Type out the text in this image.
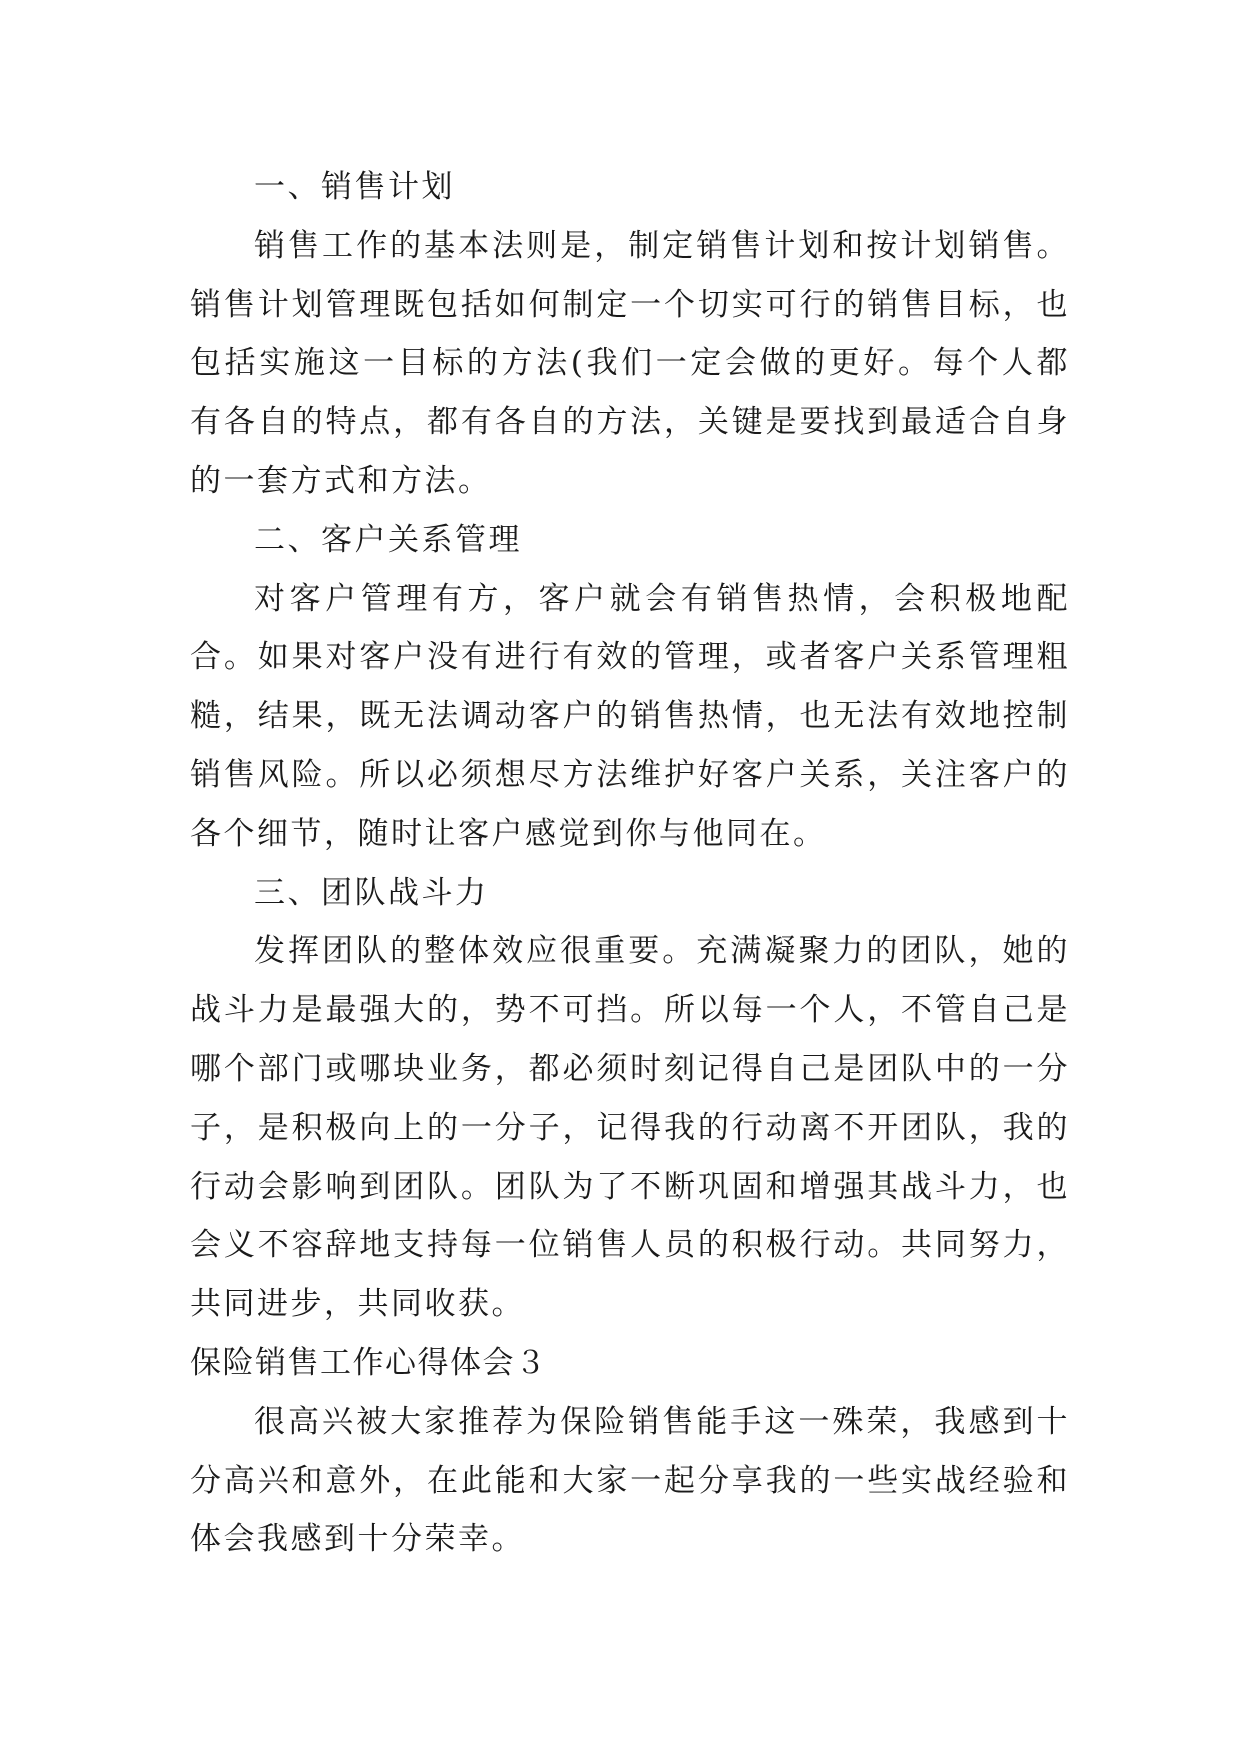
一、销售计划

销售工作的基本法则是，制定销售计划和按计划销售。销售计划管理既包括如何制定一个切实可行的销售目标，也包括实施这一目标的方法(我们一定会做的更好。每个人都有各自的特点，都有各自的方法，关键是要找到最适合自身的一套方式和方法。

二、客户关系管理

对客户管理有方，客户就会有销售热情，会积极地配合。如果对客户没有进行有效的管理，或者客户关系管理粗糙，结果，既无法调动客户的销售热情，也无法有效地控制销售风险。所以必须想尽方法维护好客户关系，关注客户的各个细节，随时让客户感觉到你与他同在。

三、团队战斗力

发挥团队的整体效应很重要。充满凝聚力的团队，她的战斗力是最强大的，势不可挡。所以每一个人，不管自己是哪个部门或哪块业务，都必须时刻记得自己是团队中的一分子，是积极向上的一分子，记得我的行动离不开团队，我的行动会影响到团队。团队为了不断巩固和增强其战斗力，也会义不容辞地支持每一位销售人员的积极行动。共同努力，共同进步，共同收获。

保险销售工作心得体会３

很高兴被大家推荐为保险销售能手这一殊荣，我感到十分高兴和意外，在此能和大家一起分享我的一些实战经验和体会我感到十分荣幸。
